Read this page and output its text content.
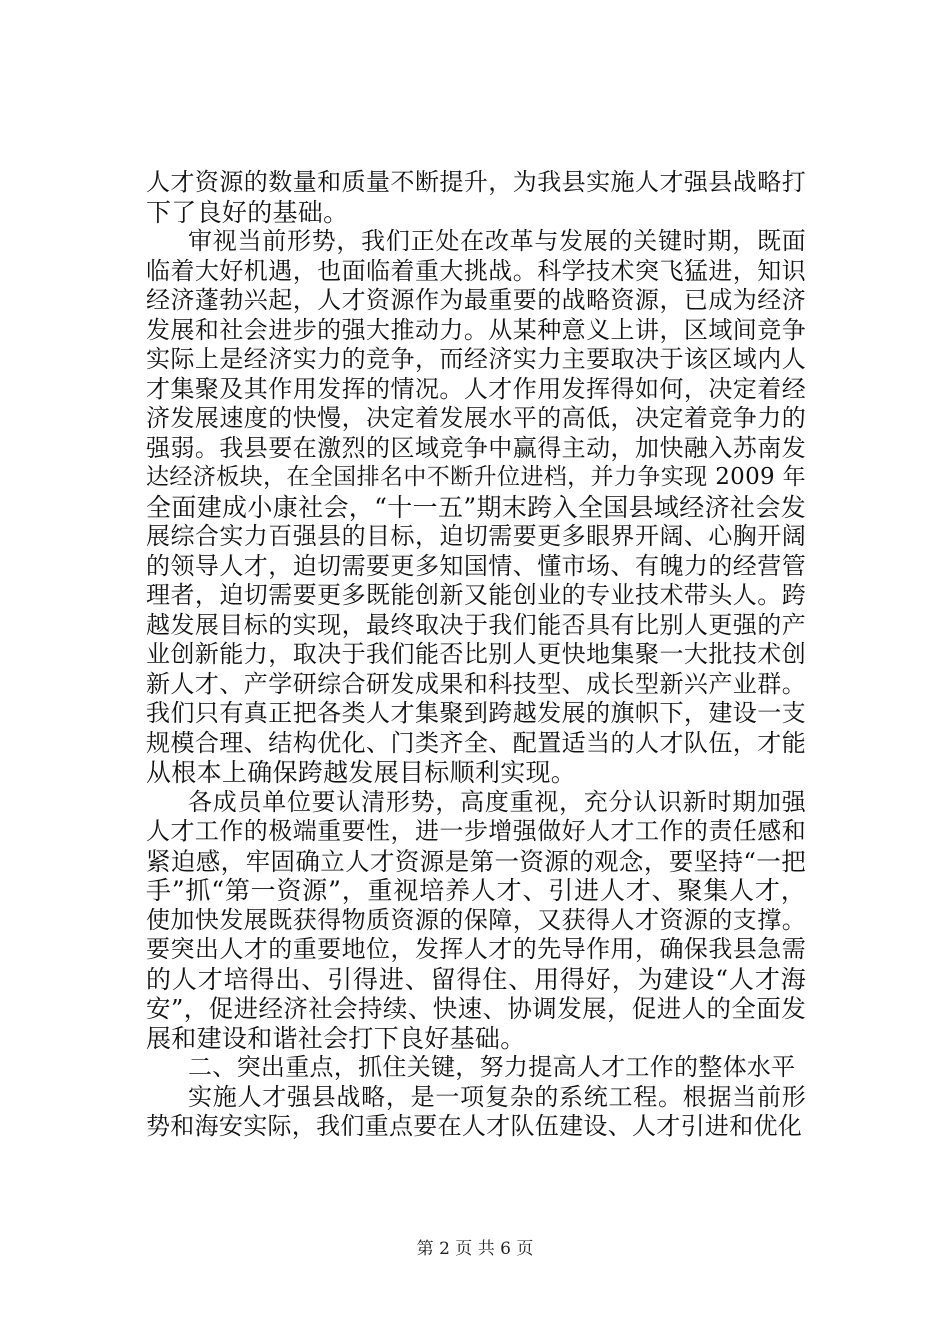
人才资源的数量和质量不断提升，为我县实施人才强县战略打
下了良好的基础。
审视当前形势，我们正处在改革与发展的关键时期，既面
临着大好机遇，也面临着重大挑战。科学技术突飞猛进，知识
经济蓬勃兴起，人才资源作为最重要的战略资源，已成为经济
发展和社会进步的强大推动力。从某种意义上讲，区域间竞争
实际上是经济实力的竞争，而经济实力主要取决于该区域内人
才集聚及其作用发挥的情况。人才作用发挥得如何，决定着经
济发展速度的快慢，决定着发展水平的高低，决定着竞争力的
强弱。我县要在激烈的区域竞争中赢得主动，加快融入苏南发
达经济板块，在全国排名中不断升位进档，并力争实现 2009 年
全面建成小康社会，“十一五”期末跨入全国县域经济社会发
展综合实力百强县的目标，迫切需要更多眼界开阔、心胸开阔
的领导人才，迫切需要更多知国情、懂市场、有魄力的经营管
理者，迫切需要更多既能创新又能创业的专业技术带头人。跨
越发展目标的实现，最终取决于我们能否具有比别人更强的产
业创新能力，取决于我们能否比别人更快地集聚一大批技术创
新人才、产学研综合研发成果和科技型、成长型新兴产业群。
我们只有真正把各类人才集聚到跨越发展的旗帜下，建设一支
规模合理、结构优化、门类齐全、配置适当的人才队伍，才能
从根本上确保跨越发展目标顺利实现。
各成员单位要认清形势，高度重视，充分认识新时期加强
人才工作的极端重要性，进一步增强做好人才工作的责任感和
紧迫感，牢固确立人才资源是第一资源的观念，要坚持“一把
手”抓“第一资源”，重视培养人才、引进人才、聚集人才，
使加快发展既获得物质资源的保障，又获得人才资源的支撑。
要突出人才的重要地位，发挥人才的先导作用，确保我县急需
的人才培得出、引得进、留得住、用得好，为建设“人才海
安”，促进经济社会持续、快速、协调发展，促进人的全面发
展和建设和谐社会打下良好基础。
二、突出重点，抓住关键，努力提高人才工作的整体水平
实施人才强县战略，是一项复杂的系统工程。根据当前形
势和海安实际，我们重点要在人才队伍建设、人才引进和优化
第 2 页 共 6 页
